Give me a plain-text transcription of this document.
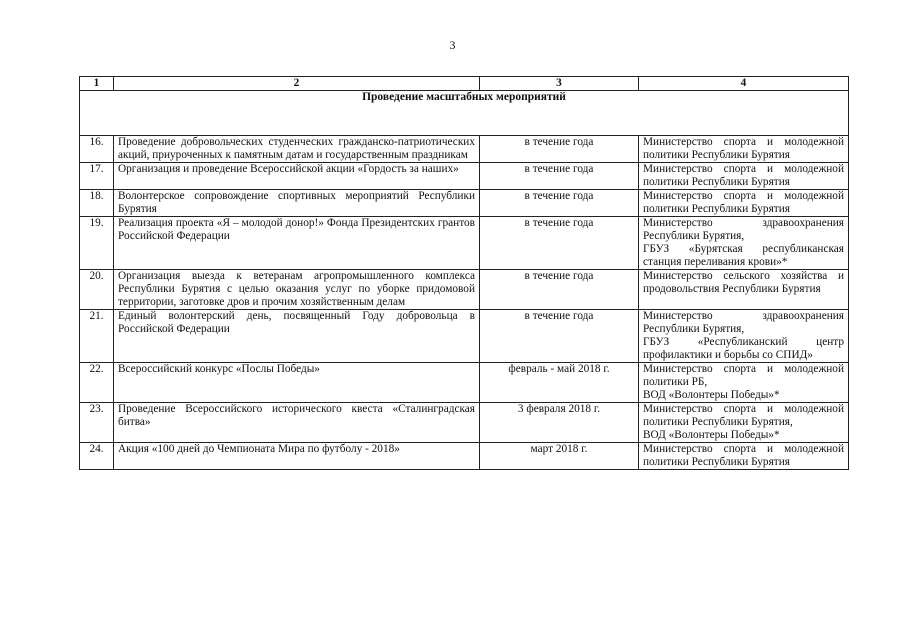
3
1	2	3	4
Проведение масштабных мероприятий			
16.	Проведение добровольческих студенческих гражданско-патриотических акций, приуроченных к памятным датам и государственным праздникам	в течение года	Министерство спорта и молодежной политики Республики Бурятия

17.	Организация и проведение Всероссийской акции «Гордость за наших»	в течение года	Министерство спорта и молодежной политики Республики Бурятия

18.	Волонтерское сопровождение спортивных мероприятий Республики Бурятия	в течение года	Министерство спорта и молодежной политики Республики Бурятия

19.	Реализация проекта «Я – молодой донор!» Фонда Президентских грантов Российской Федерации	в течение года	Министерство здравоохранения Республики Бурятия,
ГБУЗ «Бурятская республиканская станция переливания крови»*

20.	Организация выезда к ветеранам агропромышленного комплекса Республики Бурятия с целью оказания услуг по уборке придомовой территории, заготовке дров и прочим хозяйственным делам	в течение года	Министерство сельского хозяйства и продовольствия Республики Бурятия

21.	Единый волонтерский день, посвященный Году добровольца в Российской Федерации	в течение года	Министерство здравоохранения Республики Бурятия,
ГБУЗ «Республиканский центр профилактики и борьбы со СПИД»

22.	Всероссийский конкурс «Послы Победы»	февраль - май 2018 г.	Министерство спорта и молодежной политики РБ,
ВОД «Волонтеры Победы»*

23.	Проведение Всероссийского исторического квеста «Сталинградская битва»	3 февраля 2018 г.	Министерство спорта и молодежной политики Республики Бурятия,
ВОД «Волонтеры Победы»*

24.	Акция «100 дней до Чемпионата Мира по футболу - 2018»	март 2018 г.	Министерство спорта и молодежной политики Республики Бурятия
